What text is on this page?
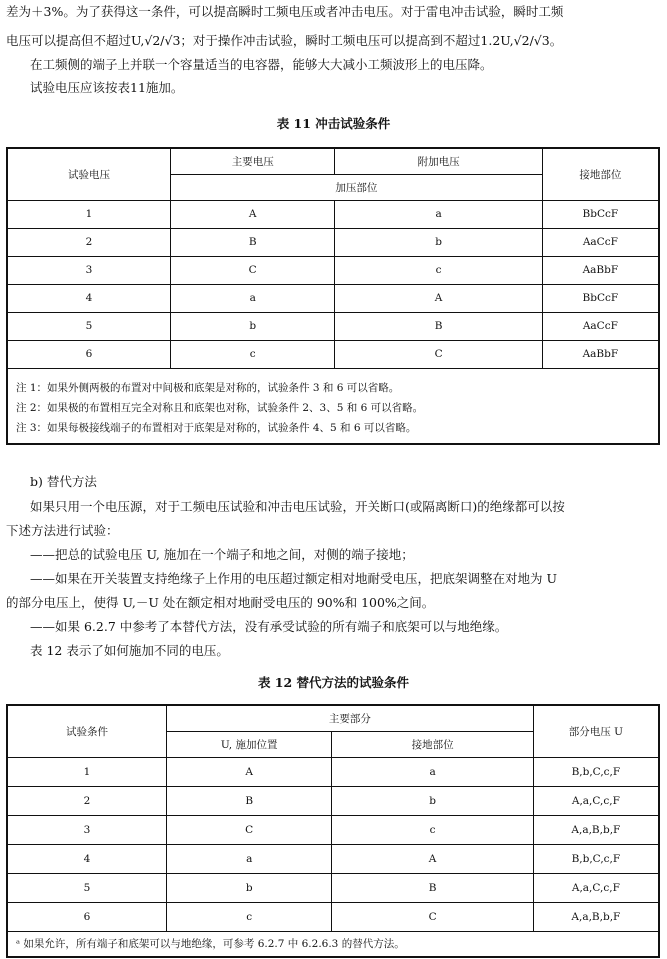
差为＋3%。为了获得这一条件，可以提高瞬时工频电压或者冲击电压。对于雷电冲击试验，瞬时工频
电压可以提高但不超过U,√2/√3；对于操作冲击试验，瞬时工频电压可以提高到不超过1.2U,√2/√3。
在工频侧的端子上并联一个容量适当的电容器，能够大大减小工频波形上的电压降。
试验电压应该按表11施加。
表 11 冲击试验条件
试验电压	主要电压	附加电压	接地部位
	加压部位		
1	A	a	BbCcF
2	B	b	AaCcF
3	C	c	AaBbF
4	a	A	BbCcF
5	b	B	AaCcF
6	c	C	AaBbF

注 1：如果外侧两极的布置对中间极和底架是对称的，试验条件 3 和 6 可以省略。
注 2：如果极的布置相互完全对称且和底架也对称，试验条件 2、3、5 和 6 可以省略。
注 3：如果每极接线端子的布置相对于底架是对称的，试验条件 4、5 和 6 可以省略。			
b) 替代方法
如果只用一个电压源，对于工频电压试验和冲击电压试验，开关断口(或隔离断口)的绝缘都可以按
下述方法进行试验：
——把总的试验电压 U, 施加在一个端子和地之间，对侧的端子接地；
——如果在开关装置支持绝缘子上作用的电压超过额定相对地耐受电压，把底架调整在对地为 U
的部分电压上，使得 U,－U 处在额定相对地耐受电压的 90%和 100%之间。
——如果 6.2.7 中参考了本替代方法，没有承受试验的所有端子和底架可以与地绝缘。
表 12 表示了如何施加不同的电压。
表 12 替代方法的试验条件
试验条件	主要部分		部分电压 U
	U, 施加位置	接地部位	
1	A	a	B,b,C,c,F
2	B	b	A,a,C,c,F
3	C	c	A,a,B,b,F
4	a	A	B,b,C,c,F
5	b	B	A,a,C,c,F
6	c	C	A,a,B,b,F
ᵃ 如果允许，所有端子和底架可以与地绝缘，可参考 6.2.7 中 6.2.6.3 的替代方法。			
